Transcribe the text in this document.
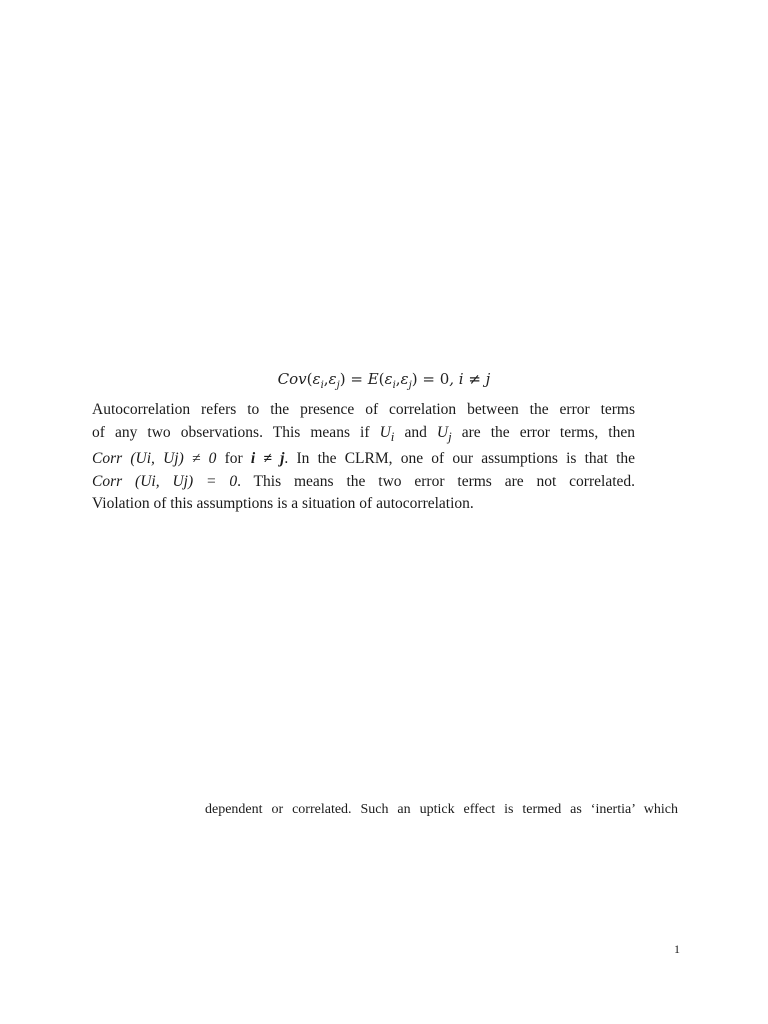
$Cov(\varepsilon_i,\varepsilon_j) = E(\varepsilon_i,\varepsilon_j) = 0$, i ≠ j

Autocorrelation refers to the presence of correlation between the error terms
of any two observations. This means if $U_i$ and $U_j$ are the error terms, then
Corr (Ui, Uj) ≠ 0 for i ≠ j. In the CLRM, one of our assumptions is that the
Corr (Ui, Uj) = 0. This means the two error terms are not correlated.
Violation of this assumptions is a situation of autocorrelation.

dependent or correlated. Such an uptick effect is termed as ‘inertia’ which
1
